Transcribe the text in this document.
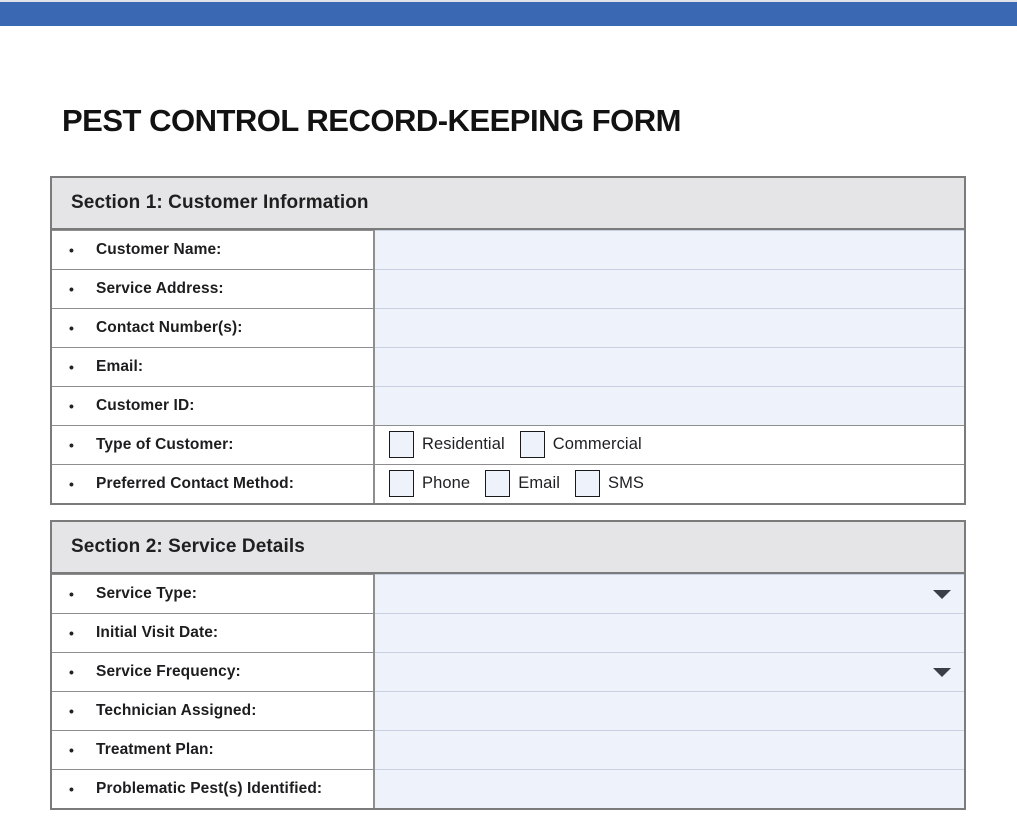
PEST CONTROL RECORD-KEEPING FORM
Section 1: Customer Information
•	Customer Name:
•	Service Address:
•	Contact Number(s):
•	Email:
•	Customer ID:
•	Type of Customer:	Residential	Commercial
•	Preferred Contact Method:	Phone	Email	SMS
Section 2: Service Details
•	Service Type:
•	Initial Visit Date:
•	Service Frequency:
•	Technician Assigned:
•	Treatment Plan:
•	Problematic Pest(s) Identified:
